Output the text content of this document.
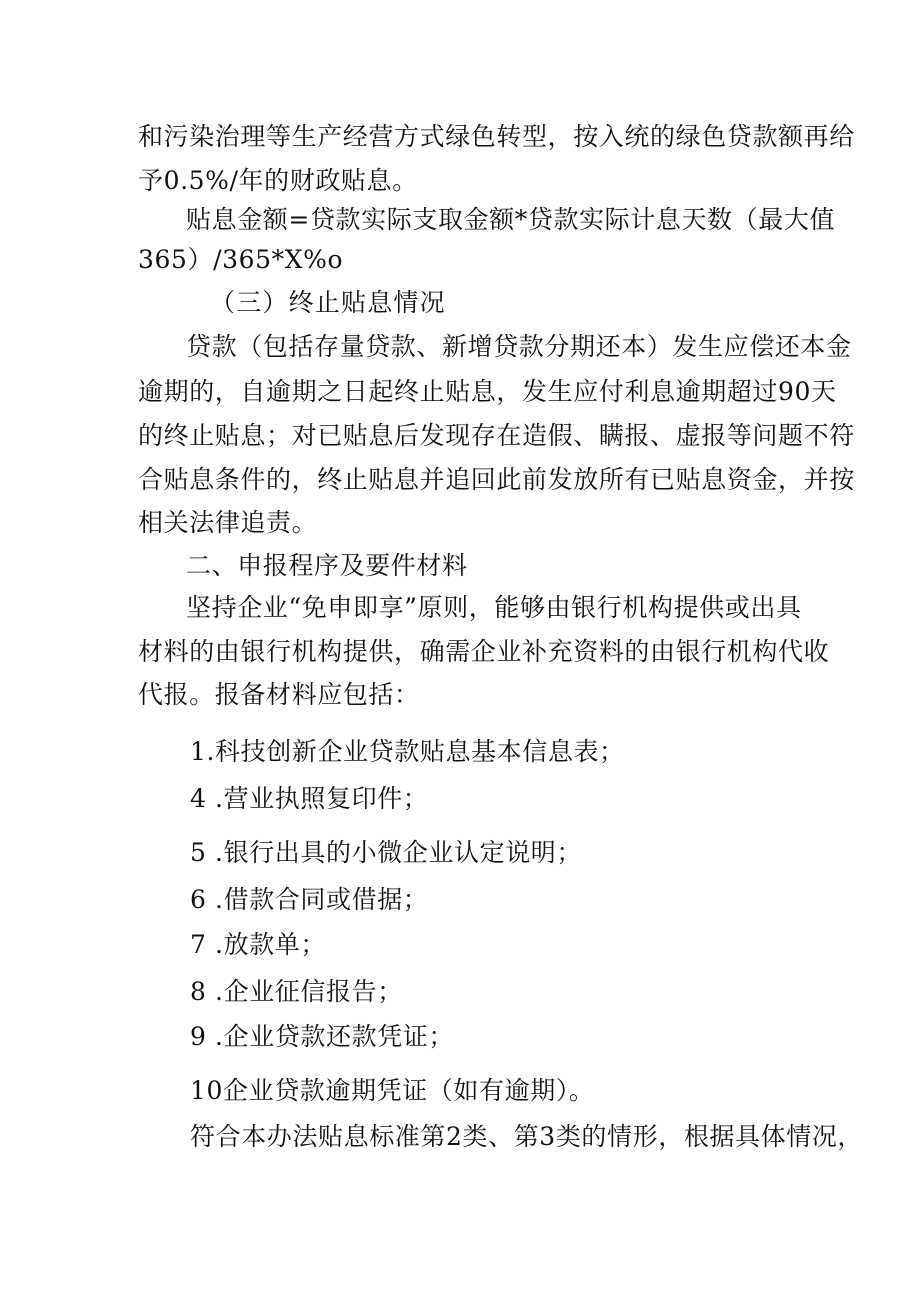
和污染治理等生产经营方式绿色转型，按入统的绿色贷款额再给
予0.5%/年的财政贴息。
贴息金额=贷款实际支取金额*贷款实际计息天数（最大值
365）/365*X%o
（三）终止贴息情况
贷款（包括存量贷款、新增贷款分期还本）发生应偿还本金
逾期的，自逾期之日起终止贴息，发生应付利息逾期超过90天
的终止贴息；对已贴息后发现存在造假、瞒报、虚报等问题不符
合贴息条件的，终止贴息并追回此前发放所有已贴息资金，并按
相关法律追责。
二、申报程序及要件材料
坚持企业“免申即享”原则，能够由银行机构提供或出具
材料的由银行机构提供，确需企业补充资料的由银行机构代收
代报。报备材料应包括：
1.科技创新企业贷款贴息基本信息表；
4 .营业执照复印件；
5 .银行出具的小微企业认定说明；
6 .借款合同或借据；
7 .放款单；
8 .企业征信报告；
9 .企业贷款还款凭证；
10企业贷款逾期凭证（如有逾期）。
符合本办法贴息标准第2类、第3类的情形，根据具体情况，
